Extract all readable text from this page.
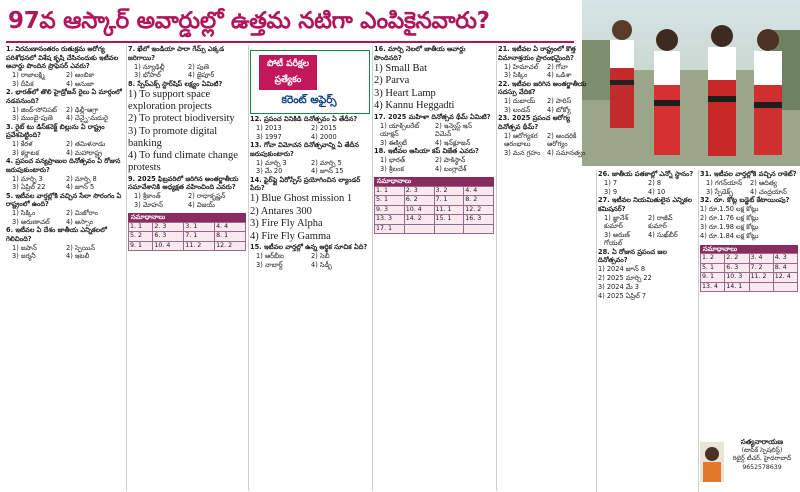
97వ ఆస్కార్ అవార్డుల్లో ఉత్తమ నటిగా ఎంపికైనవారు?

1. విరమణానంతరం రుతుక్రమ ఆరోగ్య పరిశోధనలో విశేష కృషి చేసినందుకు ఇటీవల అవార్డు పొందిన ప్రొఫెసర్ ఎవరు?

1) రాజాలక్ష్మి	2) అంబికా
3) దీపిక	4) అనుజా

2. భారత్‌లో తొలి హైడ్రోజన్ రైలు ఏ మార్గంలో నడవనుంది?

1) జింద్-సోనిపట్	2) ఢిల్లీ-ఆగ్రా
3) ముంబై-పుణె	4) చెన్నై-మదురై

3. రైట్ టు డిస్‌కనెక్ట్ బిల్లును ఏ రాష్ట్రం ప్రవేశపెట్టింది?

1) కేరళ	2) తమిళనాడు
3) కర్ణాటక	4) మహారాష్ట్ర

4. ప్రపంచ వన్యప్రాణుల దినోత్సవం ఏ రోజున జరుపుకుంటారు?

1) మార్చి 3	2) మార్చి 8
3) ఏప్రిల్ 22	4) జూన్ 5

5. ఇటీవల వార్తల్లోకి వచ్చిన సేలా సొరంగం ఏ రాష్ట్రంలో ఉంది?

1) సిక్కిం	2) మిజోరాం
3) అరుణాచల్	4) అస్సాం

6. ఇటీవల ఏ దేశం జాతీయ ఎన్నికలలో గెలిచింది?

1) జపాన్	2) స్పెయిన్
3) జర్మనీ	4) ఇటలీ

7. ఖేలో ఇండియా పారా గేమ్స్ ఎక్కడ జరిగాయి?

1) న్యూఢిల్లీ	2) పుణె
3) భోపాల్	4) జైపూర్

8. స్పేస్‌ఎక్స్ స్టార్‌షిప్ లక్ష్యం ఏమిటి?

1) To support space exploration projects

2) To protect biodiversity

3) To promote digital banking

4) To fund climate change protests

9. 2025 ఫిబ్రవరిలో జరిగిన అంతర్జాతీయ సమావేశానికి అధ్యక్షత వహించింది ఎవరు?

1) శ్రీకాంత్	2) రాధాకృష్ణన్
3) మోహన్	4) విజయ్
సమాధానాలు
1. 1	2. 3	3. 1	4. 4
5. 2	6. 3	7. 1	8. 1
9. 1	10. 4	11. 2	12. 2

12. ప్రపంచ వినికిడి దినోత్సవం ఏ తేదీన?

1) 2013	2) 2015
3) 1997	4) 2000

13. గోవా విమోచన దినోత్సవాన్ని ఏ తేదీన జరుపుకుంటారు?

1) మార్చి 3	2) మార్చి 5
3) మే 20	4) జూన్ 15

14. ఫైర్‌ఫ్లై ఏరోస్పేస్ ప్రయోగించిన ల్యాండర్ పేరు?

1) Blue Ghost mission 1

2) Antares 300

3) Fire Fly Alpha

4) Fire Fly Gamma

15. ఇటీవల వార్తల్లో ఉన్న ఆర్థిక సూచిక ఏది?

1) ఆర్‌బీఐ	2) సెబీ
3) నాబార్డ్	4) సిడ్బీ
పోటీ పరీక్షల
ప్రత్యేకం
కరెంట్ అఫైర్స్

16. మార్చి నెలలో జాతీయ అవార్డు పొందినది?

1) Small Bat

2) Parva

3) Heart Lamp

4) Kannu Heggadti

17. 2025 మహిళా దినోత్సవ థీమ్ ఏమిటి?

1) యాక్సిలరేట్ యాక్షన్
2) ఇన్వెస్ట్ ఇన్ విమెన్
3) ఈక్విటీ	4) ఇన్‌క్లూజన్

18. ఇటీవల ఆసియా కప్ విజేత ఎవరు?

1) భారత్	2) పాకిస్థాన్
3) శ్రీలంక	4) బంగ్లాదేశ్
సమాధానాలు
1. 1	2. 3	3. 2	4. 4
5. 1	6. 2	7. 1	8. 2
9. 3	10. 4	11. 1	12. 2
13. 3	14. 2	15. 1	16. 3
17. 1			

21. ఇటీవల ఏ రాష్ట్రంలో కొత్త విమానాశ్రయం ప్రారంభమైంది?

1) హిమాచల్	2) గోవా
3) సిక్కిం	4) ఒడిశా

22. ఇటీవల జరిగిన అంతర్జాతీయ సదస్సు వేదిక?

1) దుబాయ్	2) పారిస్
3) లండన్	4) టోక్యో

23. 2025 ప్రపంచ ఆరోగ్య దినోత్సవ థీమ్?

1) ఆరోగ్యకర ఆరంభాలు
2) అందరికీ ఆరోగ్యం
3) మన గ్రహం 4) సమానత్వం

26. జాతీయ పతకాల్లో ఎన్నో స్థానం?

1) 7	2) 8
3) 9	4) 10

27. ఇటీవల నియమితులైన ఎన్నికల కమిషనర్?

1) జ్ఞానేశ్ కుమార్
2) రాజీవ్ కుమార్
3) అరుణ్ గోయల్
4) సుఖ్‌బీర్

28. ఏ రోజున ప్రపంచ జల దినోత్సవం?

1) 2024 జూన్ 8

2) 2025 మార్చి 22

3) 2024 మే 3

4) 2025 ఏప్రిల్ 7

31. ఇటీవల వార్తల్లోకి వచ్చిన రాకెట్?

1) గగన్‌యాన్	2) ఆదిత్య
3) స్పేడెక్స్	4) చంద్రయాన్

32. రూ. కోట్ల బడ్జెట్ కేటాయింపు?

1) రూ.1.50 లక్ష కోట్లు

2) రూ.1.76 లక్ష కోట్లు

3) రూ.1.98 లక్ష కోట్లు

4) రూ.1.84 లక్ష కోట్లు

సమాధానాలు
1. 2	2. 2	3. 4	4. 3
5. 1	6. 3	7. 2	8. 4
9. 1	10. 3	11. 2	12. 4
13. 4	14. 1		
సత్యనారాయణ
(టాపిక్ స్పెషలిస్ట్)
రిటైర్డ్ టీచర్, హైదరాబాద్
9652578639
